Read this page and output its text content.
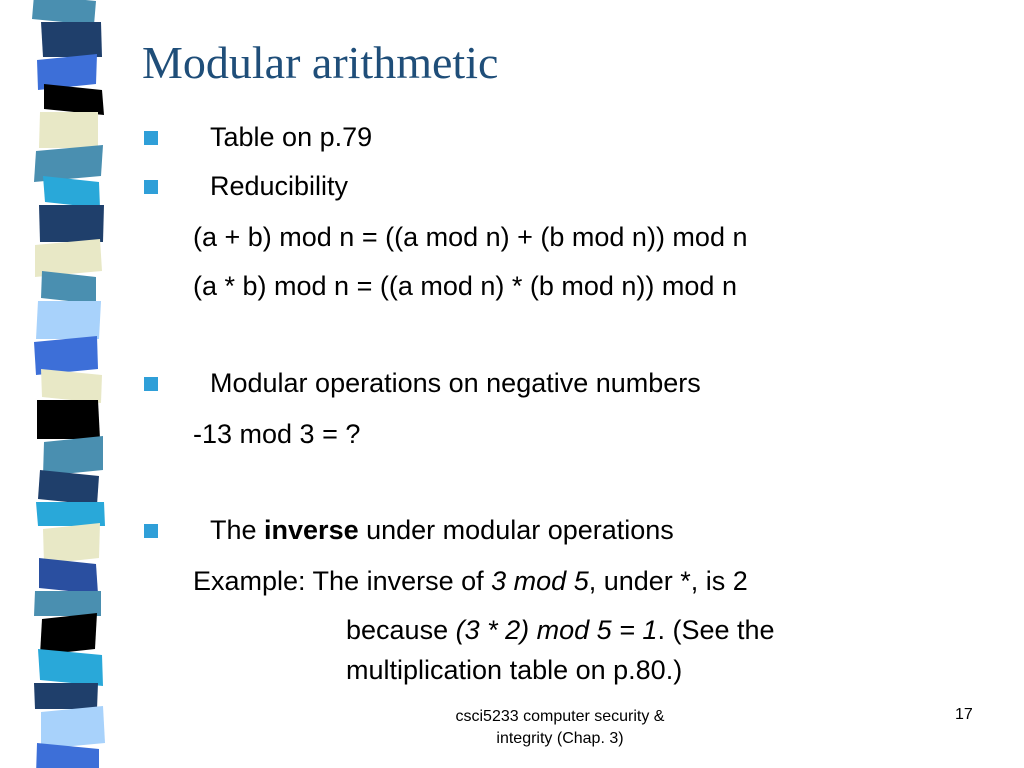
Modular arithmetic
Table on p.79
Reducibility
(a + b) mod n = ((a mod n) + (b mod n)) mod n
(a * b) mod n = ((a mod n) * (b mod n)) mod n
Modular operations on negative numbers
-13 mod 3 = ?
The inverse under modular operations
Example: The inverse of 3 mod 5, under *, is 2
because (3 * 2) mod 5 = 1. (See the
multiplication table on p.80.)
csci5233 computer security &
integrity (Chap. 3)
17
